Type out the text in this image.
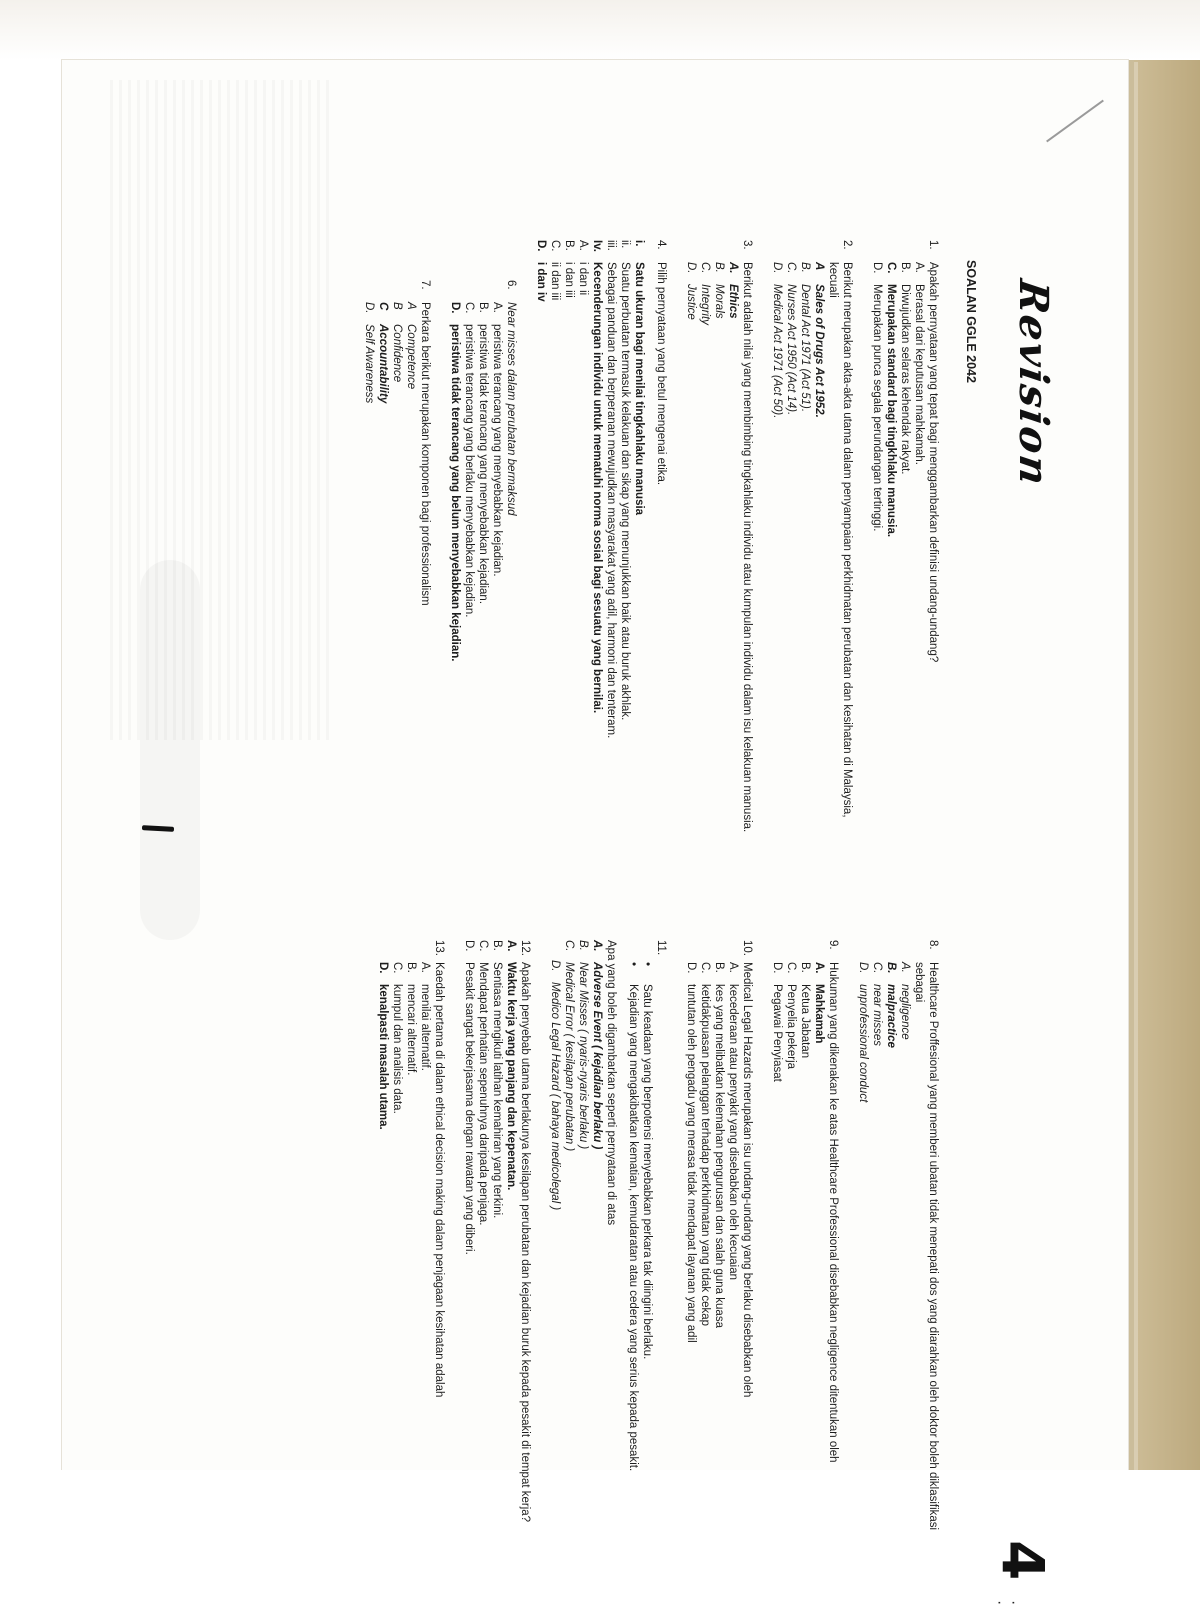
Revision
4
· ·
SOALAN GGLE 2042
1.
Apakah pernyataan yang tepat bagi menggambarkan definisi undang-undang?
A.
Berasal dari keputusan mahkamah.
B.
Diwujudkan selaras kehendak rakyat.
C.
Merupakan standard bagi tingkhlaku manusia.
D.
Merupakan punca segala perundangan tertinggi.
2.
Berikut merupakan akta-akta utama dalam penyampaian perkhidmatan perubatan dan kesihatan di Malaysia, kecuali
A
Sales of Drugs Act 1952.
B.
Dental Act 1971 (Act 51).
C.
Nurses Act 1950 (Act 14).
D.
Medical Act 1971 (Act 50).
3.
Berikut adalah nilai yang membimbing tingkahlaku individu atau kumpulan individu dalam isu kelakuan manusia.
A.
Ethics
B.
Morals
C.
Integrity
D.
Justice
4.
Pilih pernyataan yang betul mengenai etika.
i.
Satu ukuran bagi menilai tingkahlaku manusia
ii.
Suatu perbuatan termasuk kelakuan dan sikap yang menunjukkan baik atau buruk akhlak.
iii.
Sebagai panduan dan berperanan mewujudkan masyarakat yang adil, harmoni dan tenteram.
Iv.
Kecenderungan individu untuk mematuhi norma sosial bagi sesuatu yang bernilai.
A.
i dan ii
B.
i dan iii
C.
ii dan iii
D.
i dan iv
6.
Near misses dalam perubatan bermaksud
A.
peristiwa terancang yang menyebabkan kejadian.
B.
peristiwa tidak terancang yang menyebabkan kejadian.
C.
peristiwa terancang yang berlaku menyebabkan kejadian.
D.
peristiwa tidak terancang yang belum menyebabkan kejadian.
7.
Perkara berikut merupakan komponen bagi professionalism
A
Competence
B
Confidence
C
Accountability
D.
Self Awareness
8.
Healthcare Proffesional yang memberi ubatan tidak menepati dos yang diarahkan oleh doktor boleh diklasifikasi sebagai
A.
negligence
B.
malpractice
C.
near misses
D.
unprofessional conduct
9.
Hukuman yang dikenakan ke atas Healthcare Professional disebabkan negligence ditentukan oleh
A.
Mahkamah
B.
Ketua Jabatan
C.
Penyelia pekerja
D.
Pegawai Penyiasat
10.
Medical Legal Hazards merupakan isu undang-undang yang berlaku disebabkan oleh
A.
kecederaan atau penyakit yang disebabkan oleh kecuaian
B.
kes yang melibatkan kelemahan pengurusan dan salah guna kuasa
C.
ketidakpuasan pelanggan terhadap perkhidmatan yang tidak cekap
D.
tuntutan oleh pengadu yang merasa tidak mendapat layanan yang adil
11.
•
Satu keadaan yang berpotensi menyebabkan perkara tak diingini berlaku.
•
Kejadian yang mengakibatkan kematian, kemudaratan atau cedera yang serius kepada pesakit.
Apa yang boleh digambarkan seperti pernyataan di atas
A.
Adverse Event ( kejadian berlaku )
B.
Near Misses ( nyaris-nyaris berlaku )
C.
Medical Error ( kesilapan perubatan )
D.
Medico Legal Hazard ( bahaya medicolegal )
12.
Apakah penyebab utama berlakunya kesilapan perubatan dan kejadian buruk kepada pesakit di tempat kerja?
A.
Waktu kerja yang panjang dan kepenatan.
B.
Sentiasa mengikuti latihan kemahiran yang terkini.
C.
Mendapat perhatian sepenuhnya daripada penjaga.
D.
Pesakit sangat bekerjasama dengan rawatan yang diberi.
13.
Kaedah pertama di dalam ethical decision making dalam penjagaan kesihatan adalah
A.
menilai alternatif.
B.
mencari alternatif.
C.
kumpul dan analisis data.
D.
kenalpasti masalah utama.
